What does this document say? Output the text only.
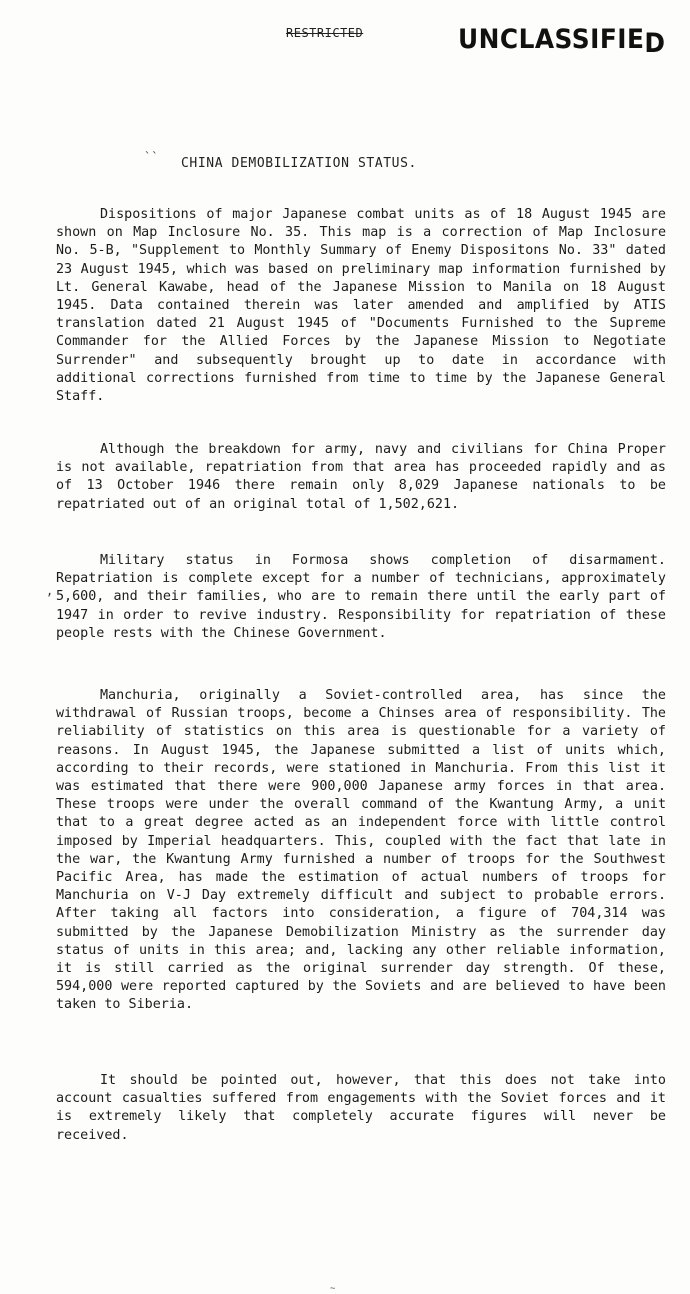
RESTRICTED	UNCLASSIFIED
`` CHINA DEMOBILIZATION STATUS.

Dispositions of major Japanese combat units as of 18 August 1945 are shown on Map Inclosure No. 35. This map is a correction of Map Inclosure No. 5-B, "Supplement to Monthly Summary of Enemy Dispositons No. 33" dated 23 August 1945, which was based on preliminary map information furnished by Lt. General Kawabe, head of the Japanese Mission to Manila on 18 August 1945. Data contained therein was later amended and amplified by ATIS translation dated 21 August 1945 of "Documents Furnished to the Supreme Commander for the Allied Forces by the Japanese Mission to Negotiate Surrender" and subsequently brought up to date in accordance with additional corrections furnished from time to time by the Japanese General Staff.

Although the breakdown for army, navy and civilians for China Proper is not available, repatriation from that area has proceeded rapidly and as of 13 October 1946 there remain only 8,029 Japanese nationals to be repatriated out of an original total of 1,502,621.

,

Military status in Formosa shows completion of disarmament. Repatriation is complete except for a number of technicians, approximately 5,600, and their families, who are to remain there until the early part of 1947 in order to revive industry. Responsibility for repatriation of these people rests with the Chinese Government.

Manchuria, originally a Soviet-controlled area, has since the withdrawal of Russian troops, become a Chinses area of responsibility. The reliability of statistics on this area is questionable for a variety of reasons. In August 1945, the Japanese submitted a list of units which, according to their records, were stationed in Manchuria. From this list it was estimated that there were 900,000 Japanese army forces in that area. These troops were under the overall command of the Kwantung Army, a unit that to a great degree acted as an independent force with little control imposed by Imperial headquarters. This, coupled with the fact that late in the war, the Kwantung Army furnished a number of troops for the Southwest Pacific Area, has made the estimation of actual numbers of troops for Manchuria on V-J Day extremely difficult and subject to probable errors. After taking all factors into consideration, a figure of 704,314 was submitted by the Japanese Demobilization Ministry as the surrender day status of units in this area; and, lacking any other reliable information, it is still carried as the original surrender day strength. Of these, 594,000 were reported captured by the Soviets and are believed to have been taken to Siberia.

It should be pointed out, however, that this does not take into account casualties suffered from engagements with the Soviet forces and it is extremely likely that completely accurate figures will never be received.

~
